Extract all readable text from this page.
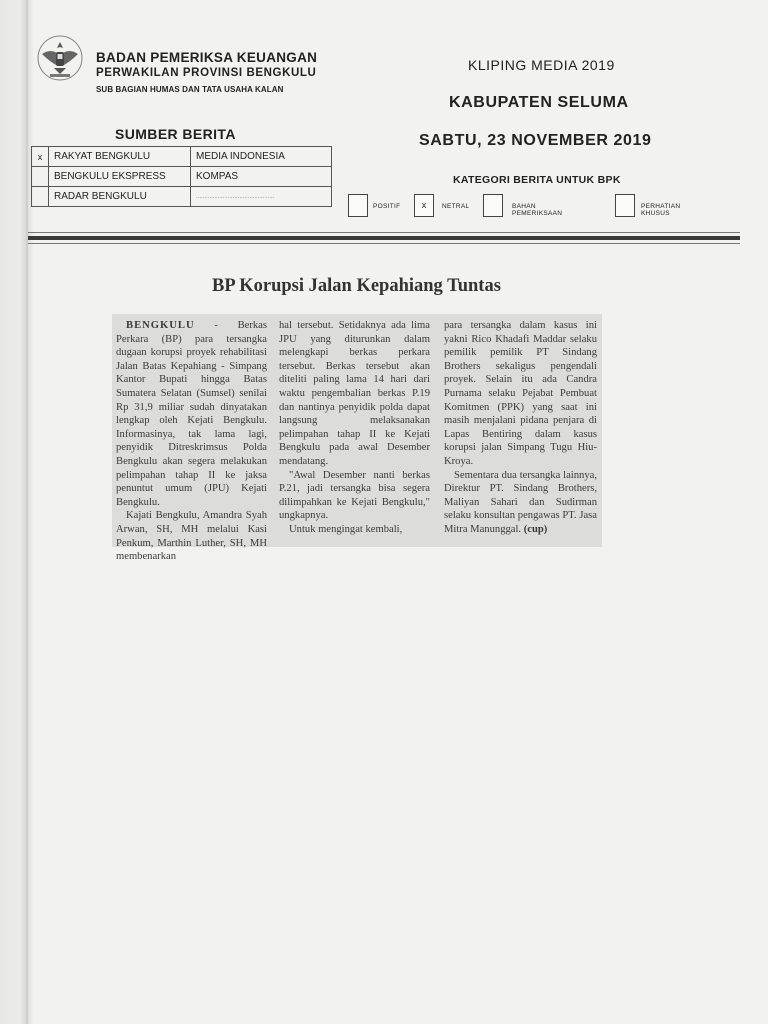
BADAN PEMERIKSA KEUANGAN
PERWAKILAN PROVINSI BENGKULU
SUB BAGIAN HUMAS DAN TATA USAHA KALAN
KLIPING MEDIA 2019
KABUPATEN SELUMA
SABTU, 23 NOVEMBER 2019
SUMBER BERITA
x	RAKYAT BENGKULU	MEDIA INDONESIA
	BENGKULU EKSPRESS	KOMPAS
	RADAR BENGKULU	...............................................
KATEGORI BERITA UNTUK BPK
POSITIF	x	NETRAL	BAHAN PEMERIKSAAN
PERHATIAN KHUSUS
BP Korupsi Jalan Kepahiang Tuntas

BENGKULU - Berkas Perkara (BP) para tersangka dugaan korupsi proyek rehabilitasi Jalan Batas Kepahiang - Simpang Kantor Bupati hingga Batas Sumatera Selatan (Sumsel) senilai Rp 31,9 miliar sudah dinyatakan lengkap oleh Kejati Bengkulu. Informasinya, tak lama lagi, penyidik Ditreskrimsus Polda Bengkulu akan segera melakukan pelimpahan tahap II ke jaksa penuntut umum (JPU) Kejati Bengkulu.

Kajati Bengkulu, Amandra Syah Arwan, SH, MH melalui Kasi Penkum, Marthin Luther, SH, MH membenarkan

hal tersebut. Setidaknya ada lima JPU yang diturunkan dalam melengkapi berkas perkara tersebut. Berkas tersebut akan diteliti paling lama 14 hari dari waktu pengembalian berkas P.19 dan nantinya penyidik polda dapat langsung melaksanakan pelimpahan tahap II ke Kejati Bengkulu pada awal Desember mendatang.

"Awal Desember nanti berkas P.21, jadi tersangka bisa segera dilimpahkan ke Kejati Bengkulu," ungkapnya.

Untuk mengingat kembali,

para tersangka dalam kasus ini yakni Rico Khadafi Maddar selaku pemilik pemilik PT Sindang Brothers sekaligus pengendali proyek. Selain itu ada Candra Purnama selaku Pejabat Pembuat Komitmen (PPK) yang saat ini masih menjalani pidana penjara di Lapas Bentiring dalam kasus korupsi jalan Simpang Tugu Hiu-Kroya.

Sementara dua tersangka lainnya, Direktur PT. Sindang Brothers, Maliyan Sahari dan Sudirman selaku konsultan pengawas PT. Jasa Mitra Manunggal. (cup)
